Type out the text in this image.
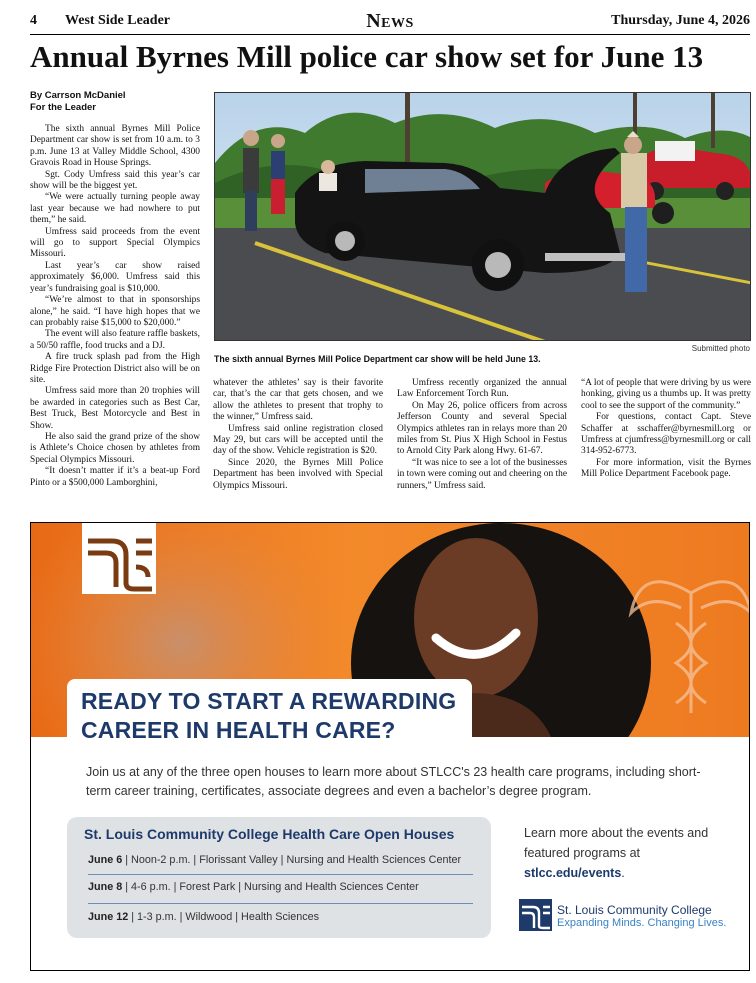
4 West Side Leader	News	Thursday, June 4, 2026
Annual Byrnes Mill police car show set for June 13
By Carrson McDaniel
For the Leader

The sixth annual Byrnes Mill Police Department car show is set from 10 a.m. to 3 p.m. June 13 at Valley Middle School, 4300 Gravois Road in House Springs.

Sgt. Cody Umfress said this year’s car show will be the biggest yet.

“We were actually turning people away last year because we had nowhere to put them,” he said.

Umfress said proceeds from the event will go to support Special Olympics Missouri.

Last year’s car show raised approximately $6,000. Umfress said this year’s fundraising goal is $10,000.

“We’re almost to that in sponsorships alone,” he said. “I have high hopes that we can probably raise $15,000 to $20,000.”

The event will also feature raffle baskets, a 50/50 raffle, food trucks and a DJ.

A fire truck splash pad from the High Ridge Fire Protection District also will be on site.

Umfress said more than 20 trophies will be awarded in categories such as Best Car, Best Truck, Best Motorcycle and Best in Show.

He also said the grand prize of the show is Athlete’s Choice chosen by athletes from Special Olympics Missouri.

“It doesn’t matter if it’s a beat-up Ford Pinto or a $500,000 Lamborghini,

whatever the athletes’ say is their favorite car, that’s the car that gets chosen, and we allow the athletes to present that trophy to the winner,” Umfress said.

Umfress said online registration closed May 29, but cars will be accepted until the day of the show. Vehicle registration is $20.

Since 2020, the Byrnes Mill Police Department has been involved with Special Olympics Missouri.

Umfress recently organized the annual Law Enforcement Torch Run.

On May 26, police officers from across Jefferson County and several Special Olympics athletes ran in relays more than 20 miles from St. Pius X High School in Festus to Arnold City Park along Hwy. 61-67.

“It was nice to see a lot of the businesses in town were coming out and cheering on the runners,” Umfress said.

“A lot of people that were driving by us were honking, giving us a thumbs up. It was pretty cool to see the support of the community.”

For questions, contact Capt. Steve Schaffer at sschaffer@byrnesmill.org or Umfress at cjumfress@byrnesmill.org or call 314-952-6773.

For more information, visit the Byrnes Mill Police Department Facebook page.

Submitted photo
The sixth annual Byrnes Mill Police Department car show will be held June 13.
READY TO START A REWARDING
CAREER IN HEALTH CARE?
Join us at any of the three open houses to learn more about STLCC's 23 health care programs, including short-term career training, certificates, associate degrees and even a bachelor’s degree program.
St. Louis Community College Health Care Open Houses
June 6 | Noon-2 p.m. | Florissant Valley | Nursing and Health Sciences Center
June 8 | 4-6 p.m. | Forest Park | Nursing and Health Sciences Center
June 12 | 1-3 p.m. | Wildwood | Health Sciences
Learn more about the events and featured programs at stlcc.edu/events.
St. Louis Community College
Expanding Minds. Changing Lives.
